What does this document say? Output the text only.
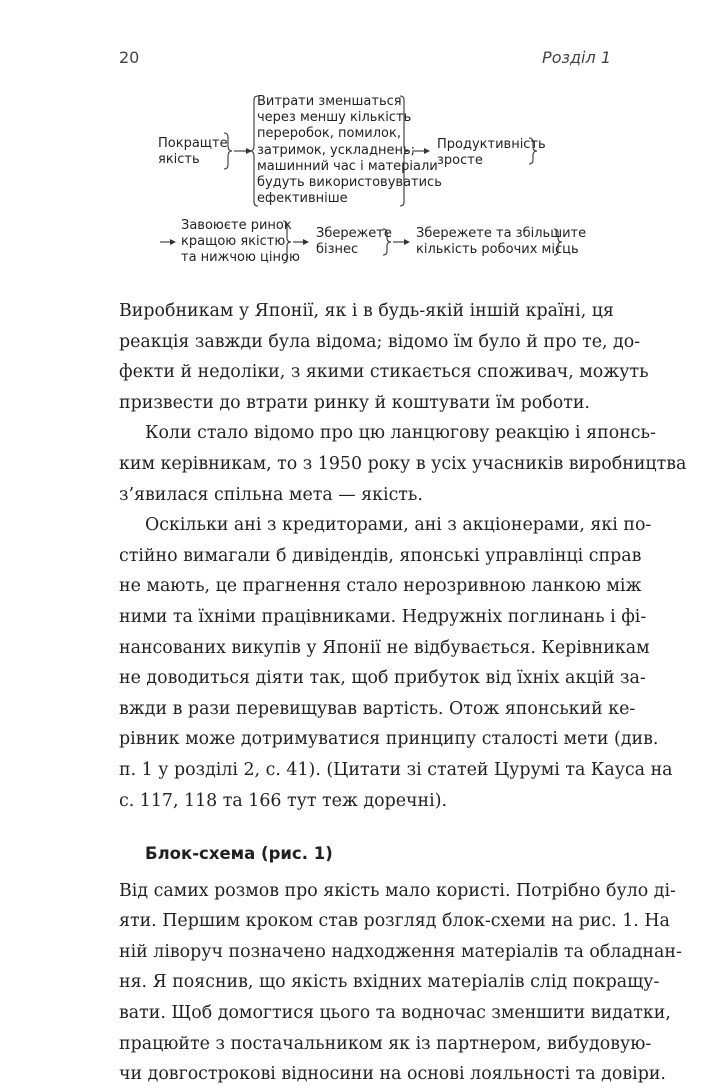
20	Розділ 1
Покращте
якість
Витрати зменшаться
через меншу кількість
переробок, помилок,
затримок, ускладнень;
машинний час і матеріали
будуть використовуватись
ефективніше
Продуктивність
зросте
Завоюєте ринок
кращою якістю
та нижчою ціною
Збережете
бізнес
Збережете та збільшите
кількість робочих місць

Виробникам у Японії, як і в будь-якій іншій країні, ця
реакція завжди була відома; відомо їм було й про те, до-
фекти й недоліки, з якими стикається споживач, можуть
призвести до втрати ринку й коштувати їм роботи.

Коли стало відомо про цю ланцюгову реакцію і японсь-
ким керівникам, то з 1950 року в усіх учасників виробництва
з’явилася спільна мета — якість.

Оскільки ані з кредиторами, ані з акціонерами, які по-
стійно вимагали б дивідендів, японські управлінці справ
не мають, це прагнення стало нерозривною ланкою між
ними та їхніми працівниками. Недружніх поглинань і фі-
нансованих викупів у Японії не відбувається. Керівникам
не доводиться діяти так, щоб прибуток від їхніх акцій за-
вжди в рази перевищував вартість. Отож японський ке-
рівник може дотримуватися принципу сталості мети (див.
п. 1 у розділі 2, с. 41). (Цитати зі статей Цурумі та Кауса на
с. 117, 118 та 166 тут теж доречні).

Блок-схема (рис. 1)

Від самих розмов про якість мало користі. Потрібно було ді-
яти. Першим кроком став розгляд блок-схеми на рис. 1. На
ній ліворуч позначено надходження матеріалів та обладнан-
ня. Я пояснив, що якість вхідних матеріалів слід покращу-
вати. Щоб домогтися цього та водночас зменшити видатки,
працюйте з постачальником як із партнером, вибудовую-
чи довгострокові відносини на основі лояльності та довіри.
